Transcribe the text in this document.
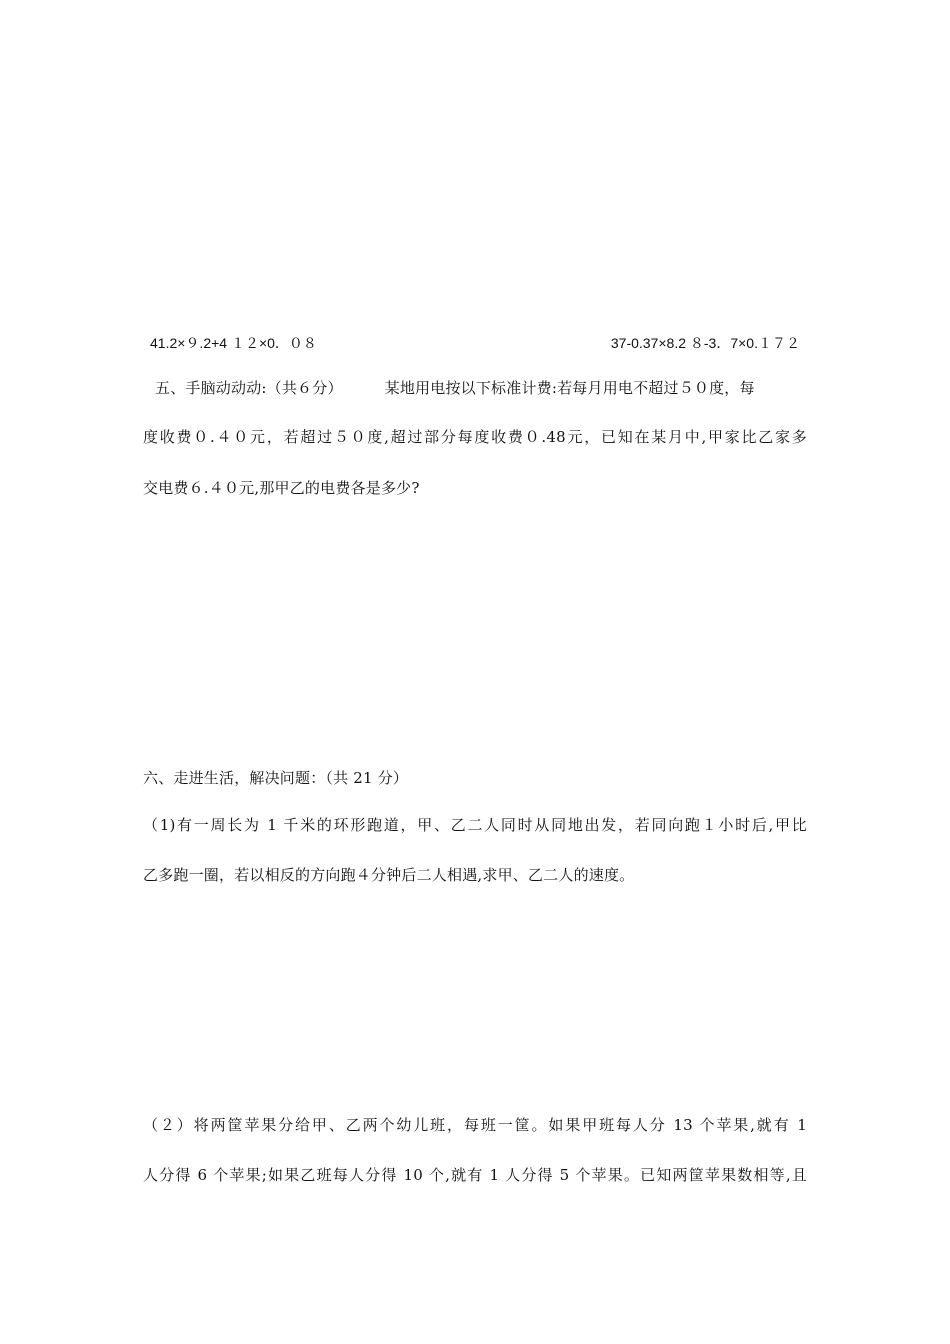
41.2×９.2+4 １２×0．０８	37-0.37×8.2 ８-3．7×0.１７２
五、手脑动动动:（共６分）	某地用电按以下标准计费:若每月用电不超过５０度，每
度收费０.４０元，若超过５０度,超过部分每度收费０.48元，已知在某月中,甲家比乙家多
交电费６.４０元,那甲乙的电费各是多少?
六、走进生活，解决问题：（共 21 分）
（1)有一周长为 1 千米的环形跑道，甲、乙二人同时从同地出发，若同向跑１小时后,甲比
乙多跑一圈，若以相反的方向跑４分钟后二人相遇,求甲、乙二人的速度。
（２）将两筐苹果分给甲、乙两个幼儿班，每班一筐。如果甲班每人分 13 个苹果,就有 1
人分得 6 个苹果;如果乙班每人分得 10 个,就有 1 人分得 5 个苹果。已知两筐苹果数相等,且
